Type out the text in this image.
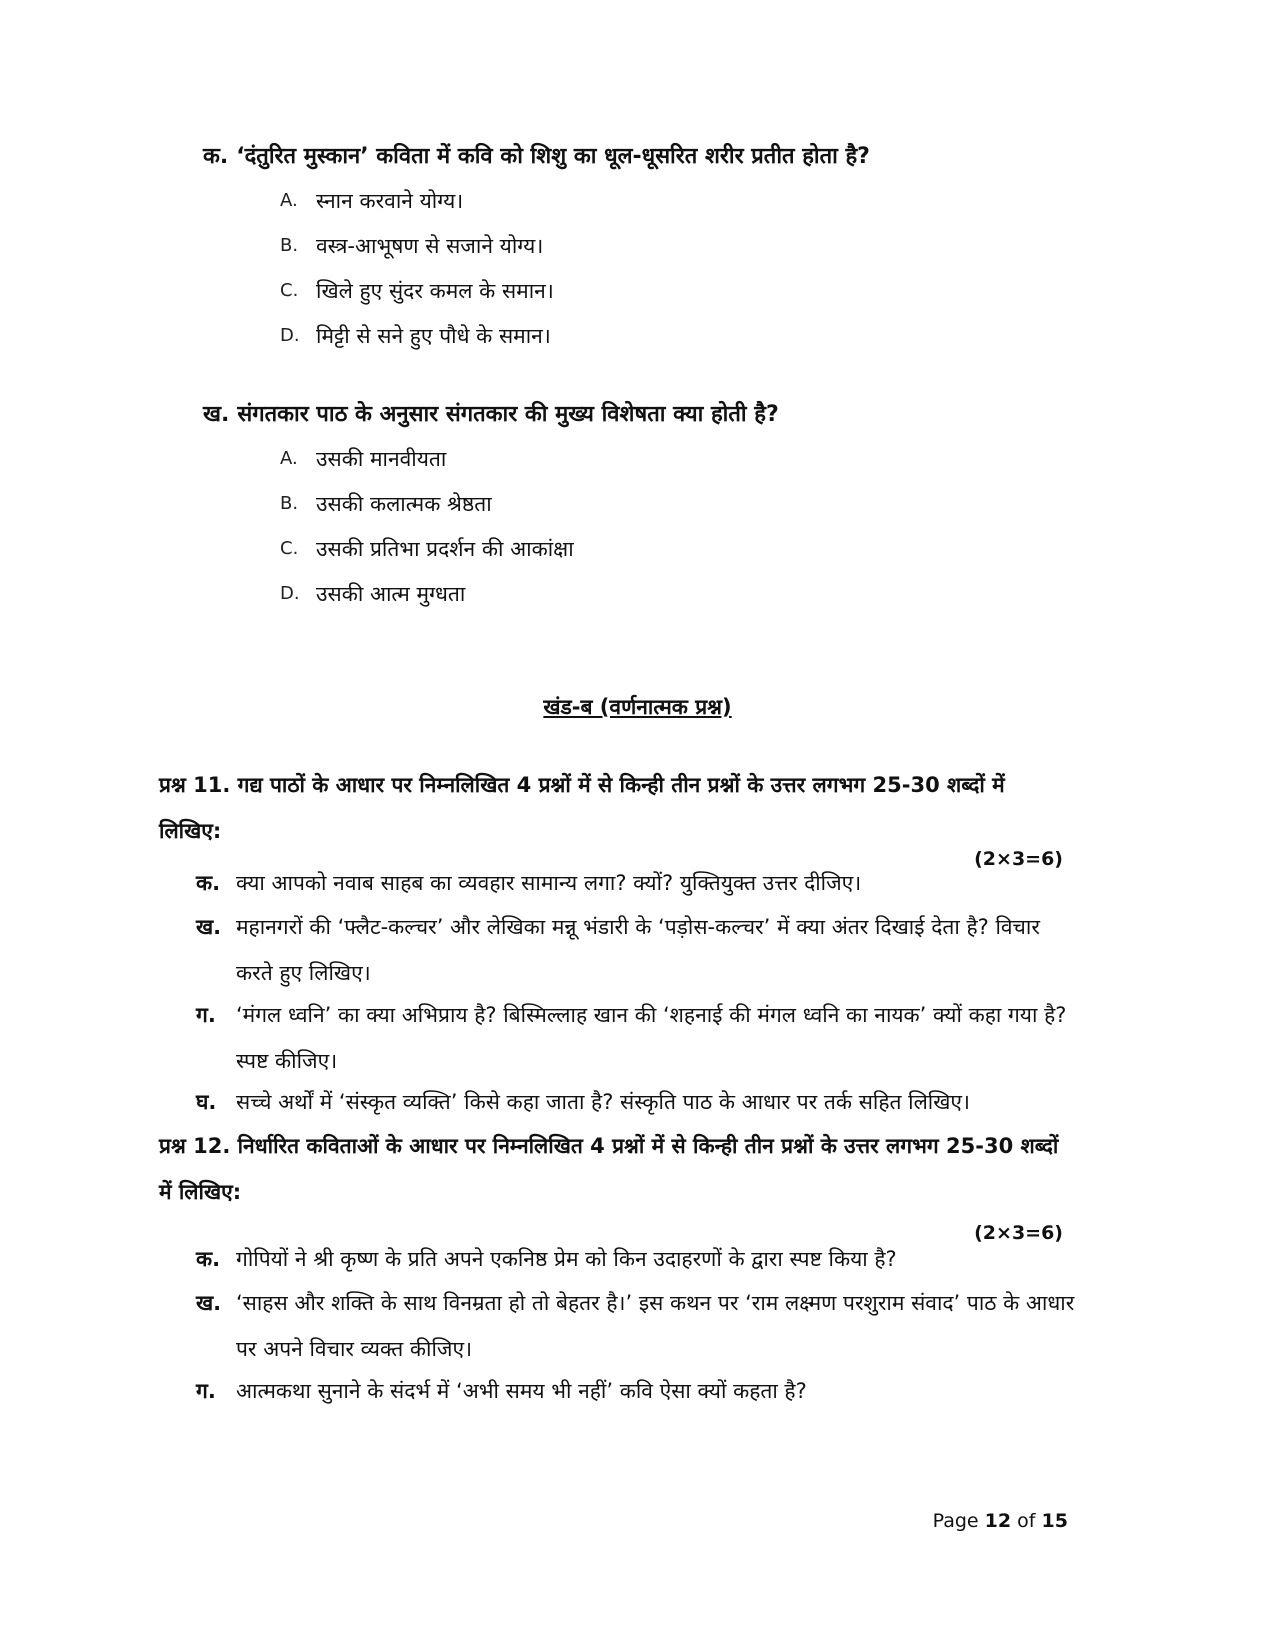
क. ‘दंतुरित मुस्कान’ कविता में कवि को शिशु का धूल-धूसरित शरीर प्रतीत होता है?
A. स्नान करवाने योग्य।
B. वस्त्र-आभूषण से सजाने योग्य।
C. खिले हुए सुंदर कमल के समान।
D. मिट्टी से सने हुए पौधे के समान।
ख. संगतकार पाठ के अनुसार संगतकार की मुख्य विशेषता क्या होती है?
A. उसकी मानवीयता
B. उसकी कलात्मक श्रेष्ठता
C. उसकी प्रतिभा प्रदर्शन की आकांक्षा
D. उसकी आत्म मुग्धता
खंड-ब (वर्णनात्मक प्रश्न)
प्रश्न 11. गद्य पाठों के आधार पर निम्नलिखित 4 प्रश्नों में से किन्ही तीन प्रश्नों के उत्तर लगभग 25-30 शब्दों में लिखिए:
(2×3=6)
क. क्या आपको नवाब साहब का व्यवहार सामान्य लगा? क्यों? युक्तियुक्त उत्तर दीजिए।
ख. महानगरों की ‘फ्लैट-कल्चर’ और लेखिका मन्नू भंडारी के ‘पड़ोस-कल्चर’ में क्या अंतर दिखाई देता है? विचार करते हुए लिखिए।
ग. ‘मंगल ध्वनि’ का क्या अभिप्राय है? बिस्मिल्लाह खान की ‘शहनाई की मंगल ध्वनि का नायक’ क्यों कहा गया है? स्पष्ट कीजिए।
घ. सच्चे अर्थों में ‘संस्कृत व्यक्ति’ किसे कहा जाता है? संस्कृति पाठ के आधार पर तर्क सहित लिखिए।
प्रश्न 12. निर्धारित कविताओं के आधार पर निम्नलिखित 4 प्रश्नों में से किन्ही तीन प्रश्नों के उत्तर लगभग 25-30 शब्दों में लिखिए:
(2×3=6)
क. गोपियों ने श्री कृष्ण के प्रति अपने एकनिष्ठ प्रेम को किन उदाहरणों के द्वारा स्पष्ट किया है?
ख. ‘साहस और शक्ति के साथ विनम्रता हो तो बेहतर है।’ इस कथन पर ‘राम लक्ष्मण परशुराम संवाद’ पाठ के आधार पर अपने विचार व्यक्त कीजिए।
ग. आत्मकथा सुनाने के संदर्भ में ‘अभी समय भी नहीं’ कवि ऐसा क्यों कहता है?
Page 12 of 15
